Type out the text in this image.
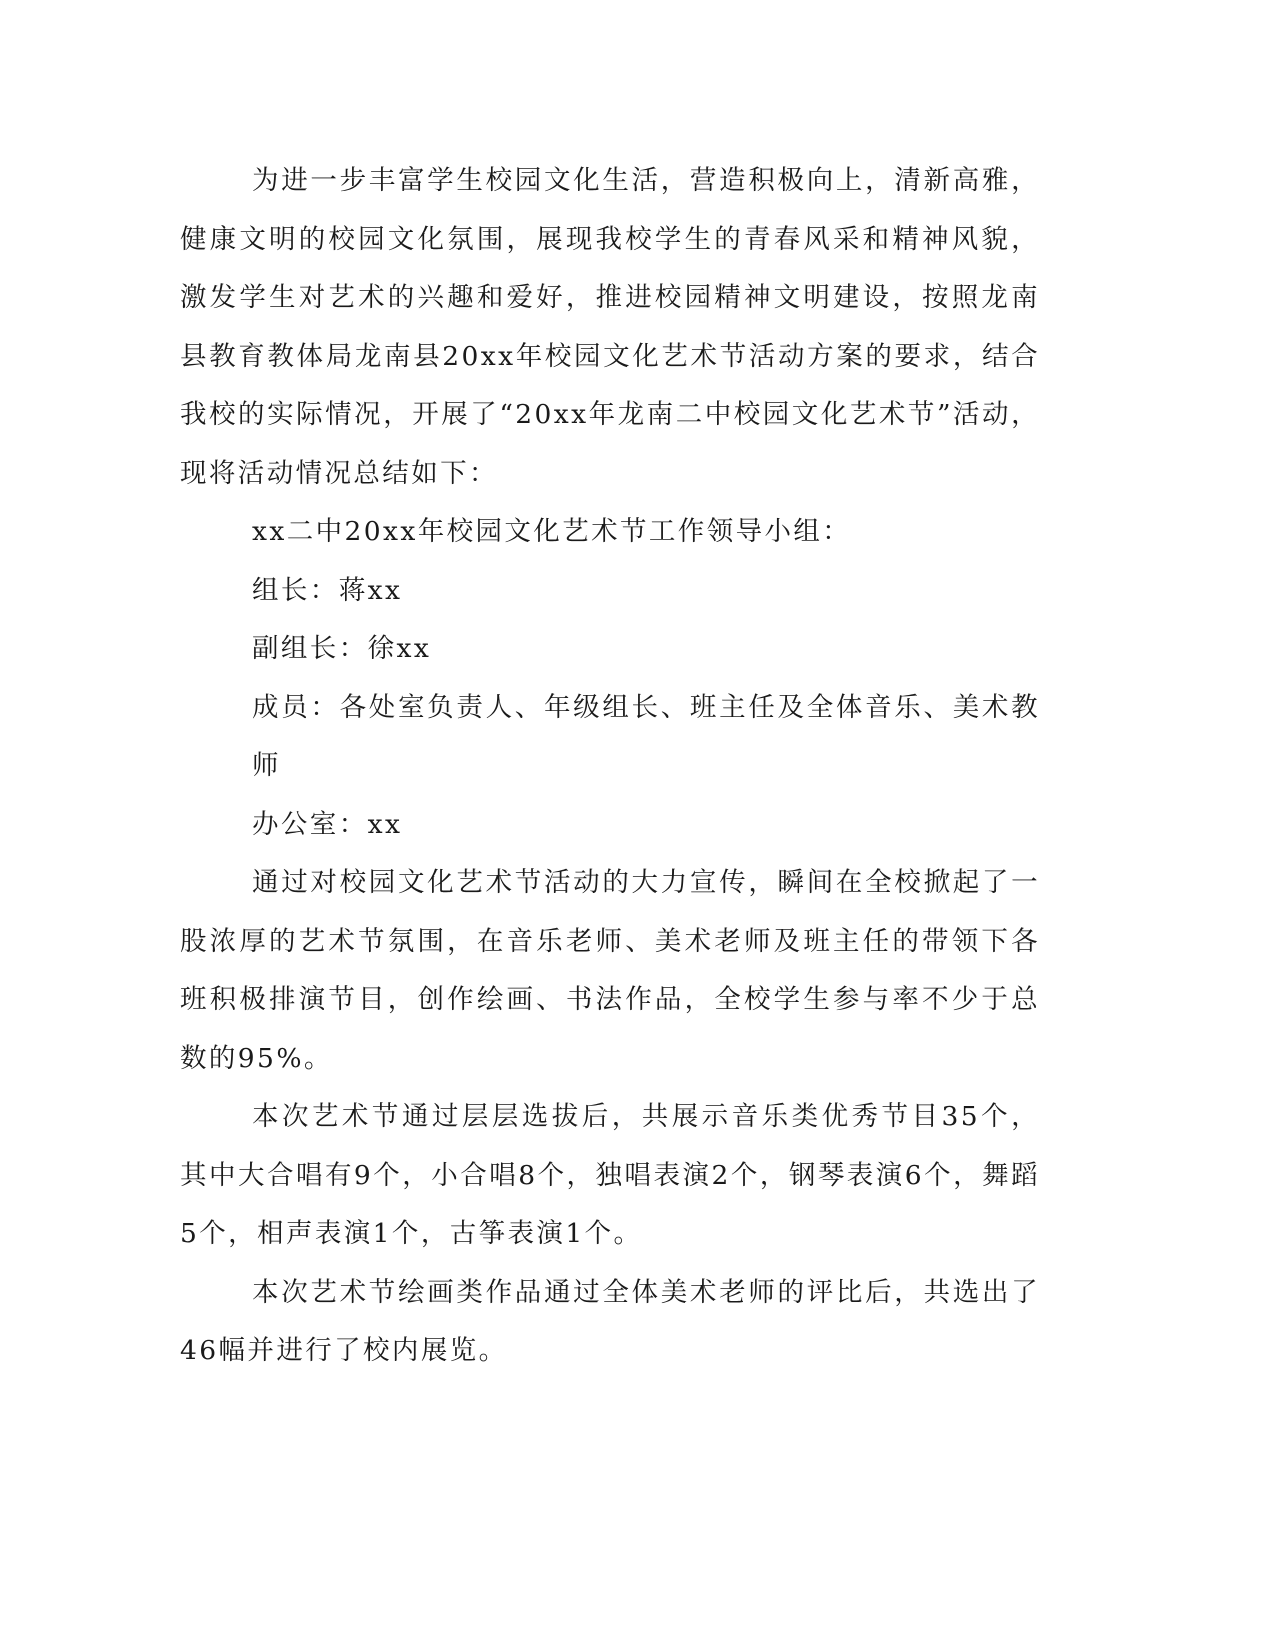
为进一步丰富学生校园文化生活，营造积极向上，清新高雅，健康文明的校园文化氛围，展现我校学生的青春风采和精神风貌，激发学生对艺术的兴趣和爱好，推进校园精神文明建设，按照龙南县教育教体局龙南县20xx年校园文化艺术节活动方案的要求，结合我校的实际情况，开展了“20xx年龙南二中校园文化艺术节”活动，现将活动情况总结如下：

xx二中20xx年校园文化艺术节工作领导小组：

组长：蒋xx

副组长：徐xx

成员：各处室负责人、年级组长、班主任及全体音乐、美术教师

办公室：xx

通过对校园文化艺术节活动的大力宣传，瞬间在全校掀起了一股浓厚的艺术节氛围，在音乐老师、美术老师及班主任的带领下各班积极排演节目，创作绘画、书法作品，全校学生参与率不少于总数的95%。

本次艺术节通过层层选拔后，共展示音乐类优秀节目35个，其中大合唱有9个，小合唱8个，独唱表演2个，钢琴表演6个，舞蹈5个，相声表演1个，古筝表演1个。

本次艺术节绘画类作品通过全体美术老师的评比后，共选出了46幅并进行了校内展览。
